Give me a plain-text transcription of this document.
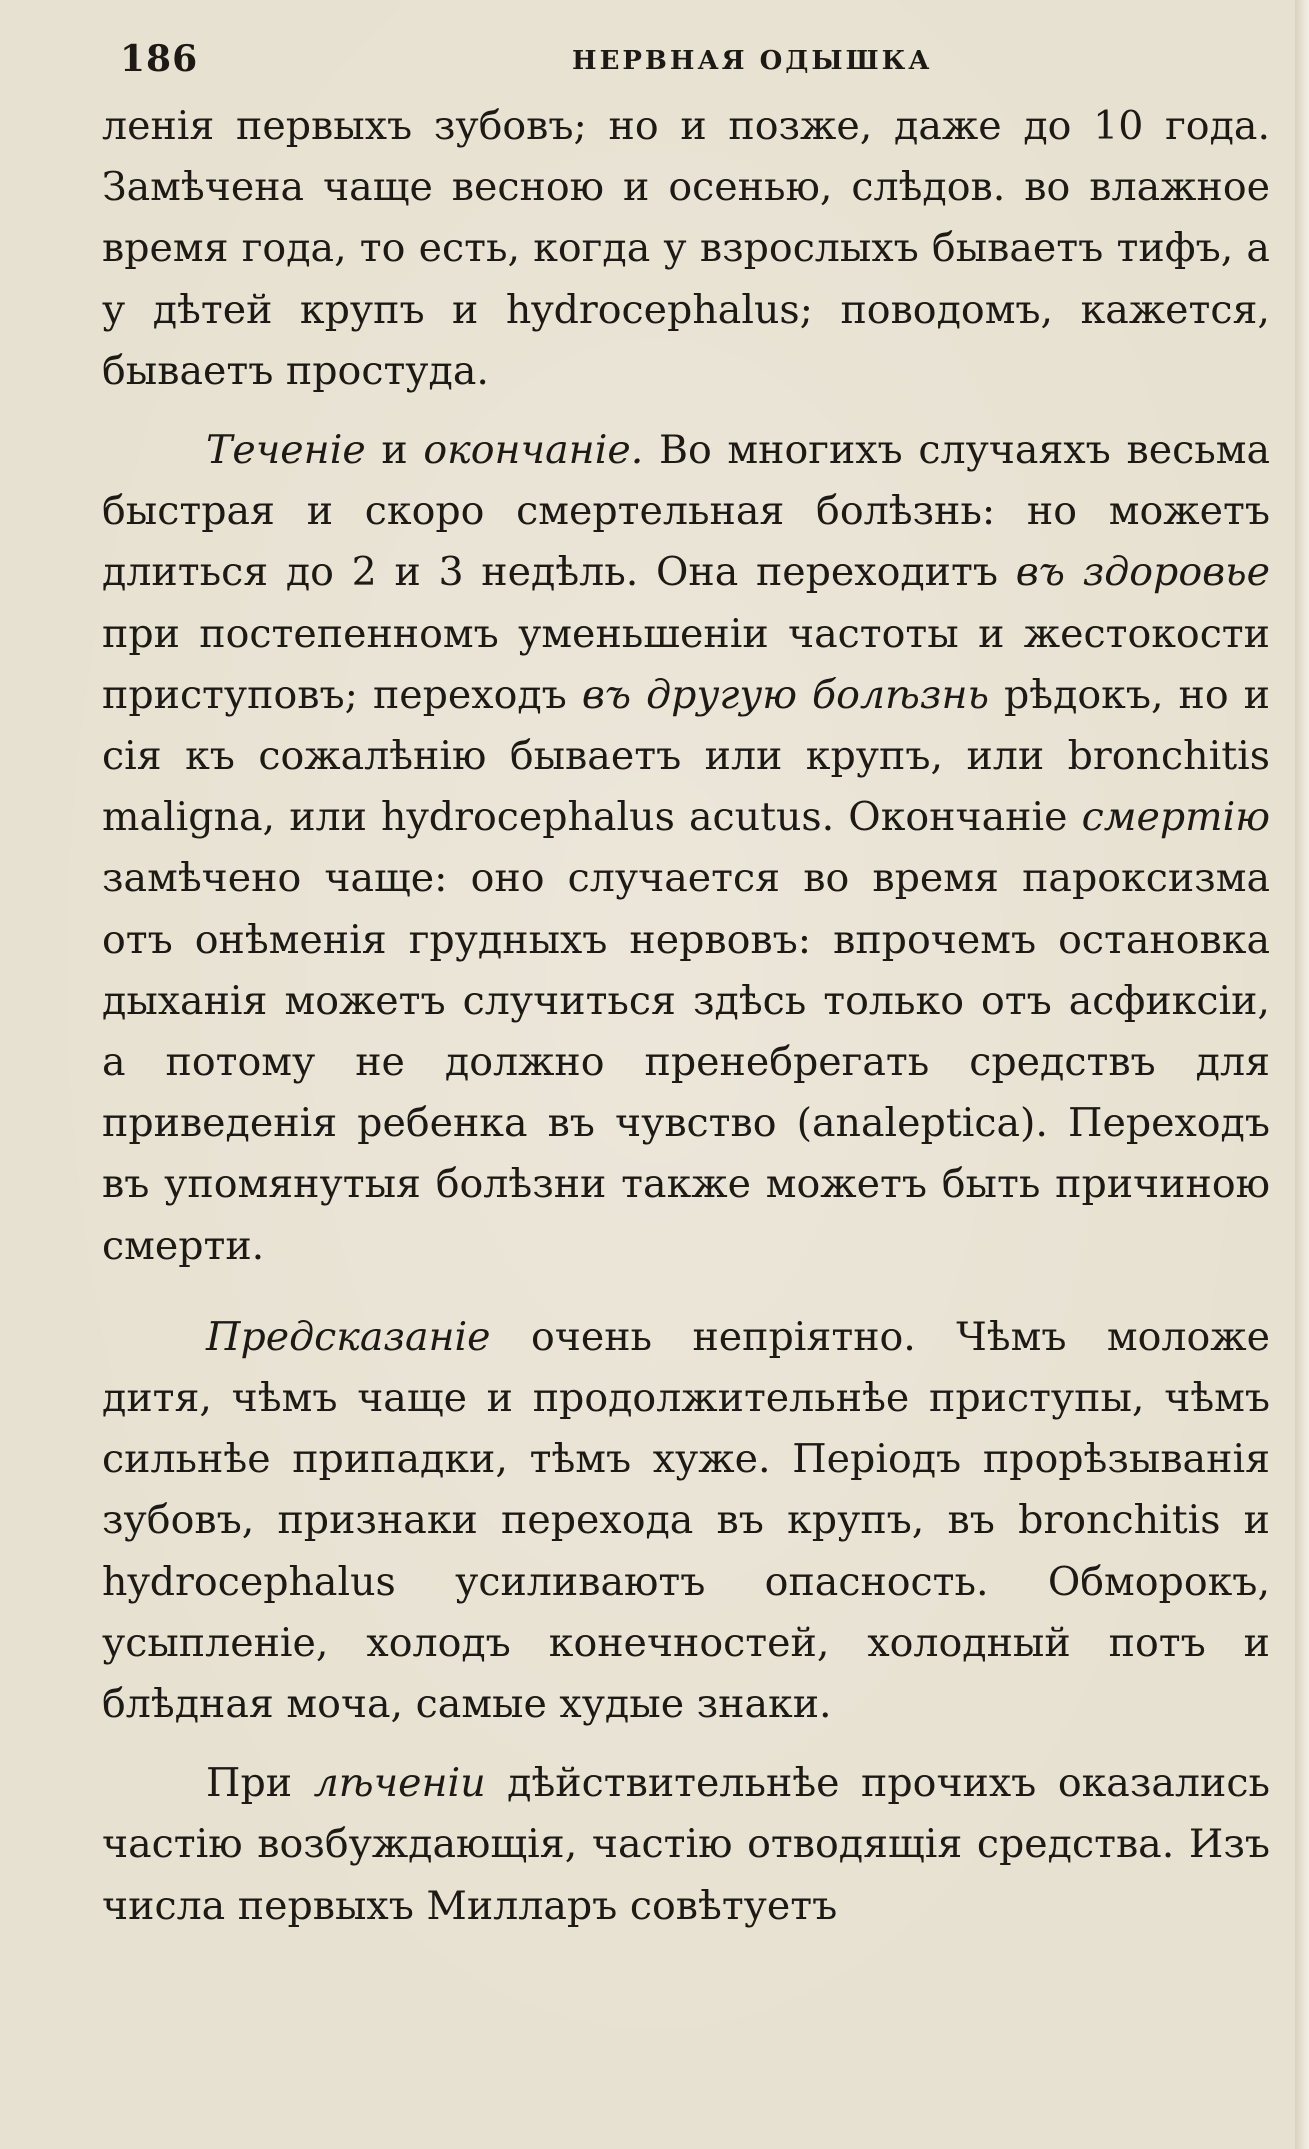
186	НЕРВНАЯ ОДЫШКА

ленія первыхъ зубовъ; но и позже, даже до 10 года. Замѣчена чаще весною и осенью, слѣдов. во влажное время года, то есть, когда у взрослыхъ бываетъ тифъ, а у дѣтей крупъ и hydrocephalus; поводомъ, кажется, бываетъ простуда.

Теченіе и окончаніе. Во многихъ случаяхъ весьма быстрая и скоро смертельная болѣзнь: но можетъ длиться до 2 и 3 недѣль. Она переходитъ въ здоровье при постепенномъ уменьшеніи частоты и жестокости приступовъ; переходъ въ другую болѣзнь рѣдокъ, но и сія къ сожалѣнію бываетъ или крупъ, или bronchitis maligna, или hydrocephalus acutus. Окончаніе смертію замѣчено чаще: оно случается во время пароксизма отъ онѣменія грудныхъ нервовъ: впрочемъ остановка дыханія можетъ случиться здѣсь только отъ асфиксіи, а потому не должно пренебрегать средствъ для приведенія ребенка въ чувство (analeptica). Переходъ въ упомянутыя болѣзни также можетъ быть причиною смерти.

Предсказаніе очень непріятно. Чѣмъ моложе дитя, чѣмъ чаще и продолжительнѣе приступы, чѣмъ сильнѣе припадки, тѣмъ хуже. Періодъ прорѣзыванія зубовъ, признаки перехода въ крупъ, въ bronchitis и hydrocephalus усиливаютъ опасность. Обморокъ, усыпленіе, холодъ конечностей, холодный потъ и блѣдная моча, самые худые знаки.

При лѣченіи дѣйствительнѣе прочихъ оказались частію возбуждающія, частію отводящія средства. Изъ числа первыхъ Милларъ совѣтуетъ
